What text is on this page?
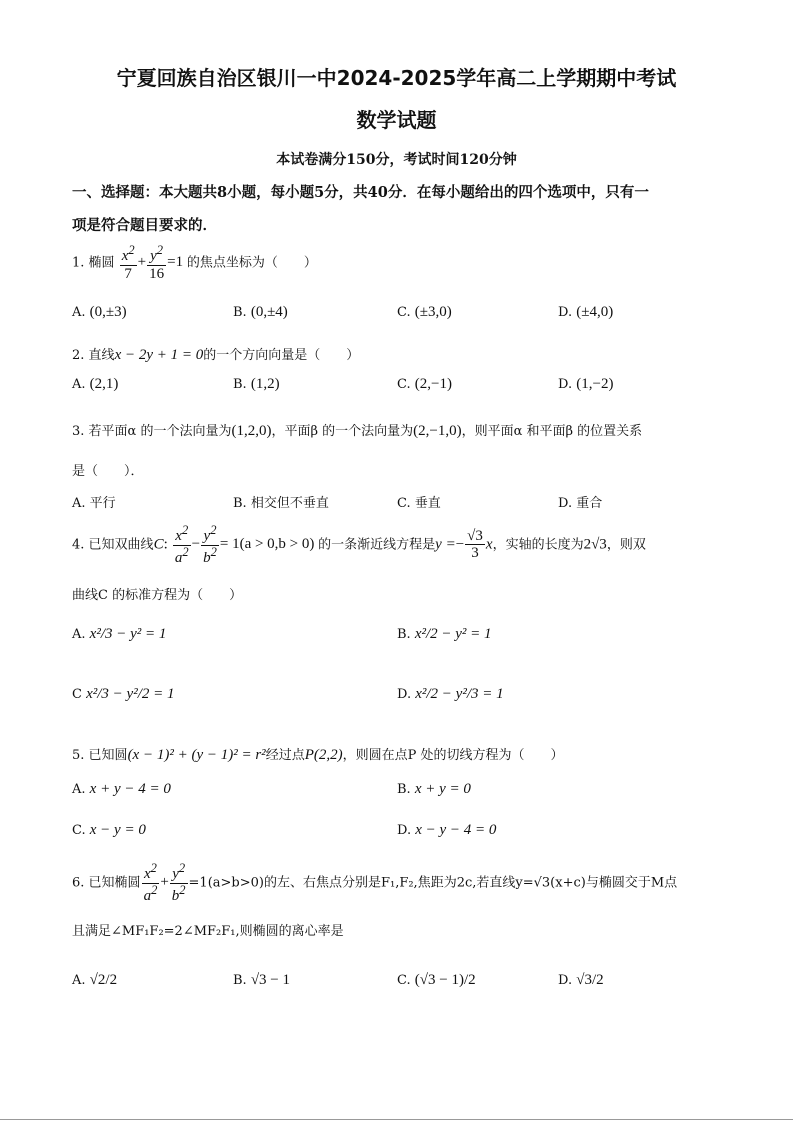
宁夏回族自治区银川一中2024-2025学年高二上学期期中考试
数学试题
本试卷满分150分，考试时间120分钟
一、选择题：本大题共8小题，每小题5分，共40分．在每小题给出的四个选项中，只有一
项是符合题目要求的．
1. 椭圆 $\frac{x^2}{7} + \frac{y^2}{16} =1$ 的焦点坐标为（　　）
A. (0,±3)	B. (0,±4)	C. (±3,0)	D. (±4,0)
2. 直线x − 2y + 1 = 0的一个方向向量是（　　）
A. (2,1)	B. (1,2)	C. (2,−1)	D. (1,−2)
3. 若平面α 的一个法向量为(1,2,0)，平面β 的一个法向量为(2,−1,0)，则平面α 和平面β 的位置关系
是（　　）．
A. 平行	B. 相交但不垂直	C. 垂直	D. 重合
4. 已知双曲线C: $\frac{x^2}{a^2} - \frac{y^2}{b^2} = 1(a > 0,b > 0)$ 的一条渐近线方程是$y =- \frac{√3}{3}$ x，实轴的长度为2√3，则双
曲线C 的标准方程为（　　）
A. x²/3 − y² = 1	B. x²/2 − y² = 1
C x²/3 − y²/2 = 1	D. x²/2 − y²/3 = 1
5. 已知圆(x − 1)² + (y − 1)² = r²经过点P(2,2)，则圆在点P 处的切线方程为（　　）
A. x + y − 4 = 0	B. x + y = 0
C. x − y = 0	D. x − y − 4 = 0
6. 已知椭圆 $\frac{x^2}{a^2} + \frac{y^2}{b^2} =1(a>b>0)$的左、右焦点分别是F₁,F₂,焦距为2c,若直线y=√3(x+c)与椭圆交于M点
且满足∠MF₁F₂=2∠MF₂F₁,则椭圆的离心率是
A. √2/2	B. √3 − 1	C. (√3 − 1)/2	D. √3/2
